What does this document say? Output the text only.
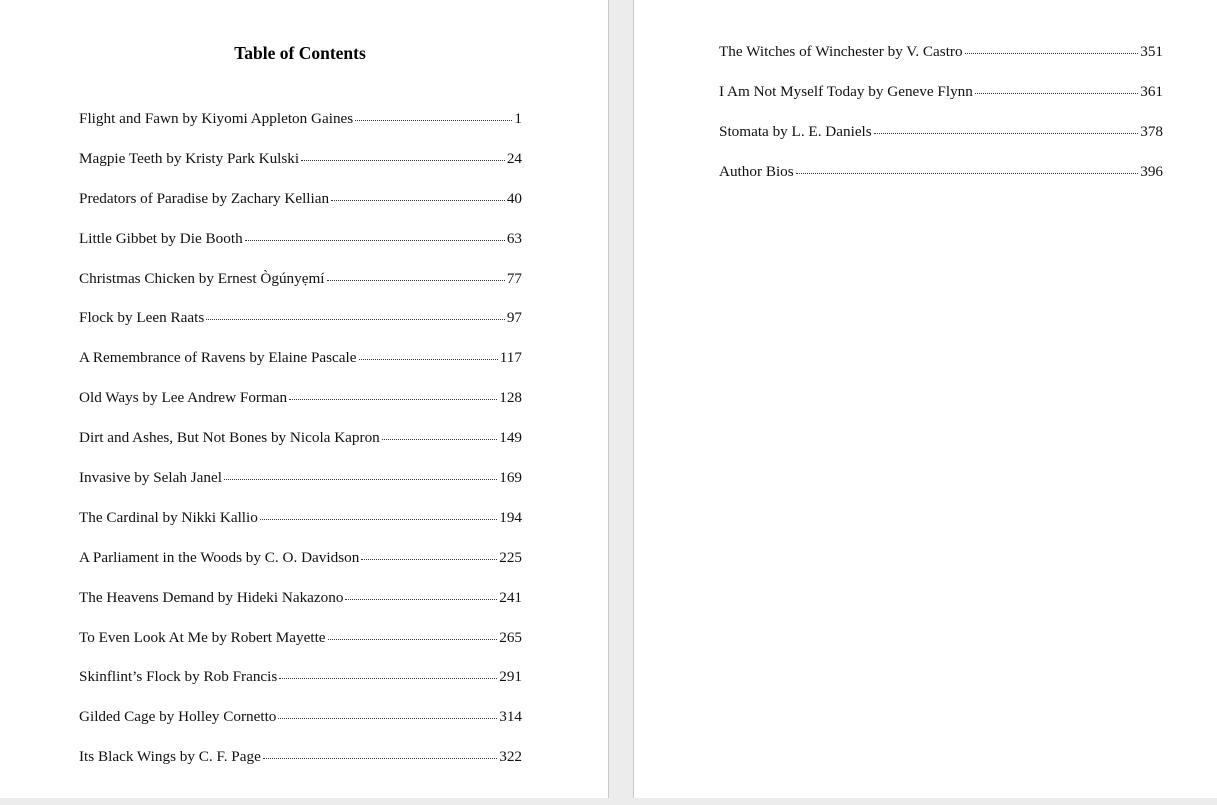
Table of Contents
Flight and Fawn by Kiyomi Appleton Gaines	1
Magpie Teeth by Kristy Park Kulski	24
Predators of Paradise by Zachary Kellian	40
Little Gibbet by Die Booth	63
Christmas Chicken by Ernest Ògúnyẹmí	77
Flock by Leen Raats	97
A Remembrance of Ravens by Elaine Pascale	117
Old Ways by Lee Andrew Forman	128
Dirt and Ashes, But Not Bones by Nicola Kapron	149
Invasive by Selah Janel	169
The Cardinal by Nikki Kallio	194
A Parliament in the Woods by C. O. Davidson	225
The Heavens Demand by Hideki Nakazono	241
To Even Look At Me by Robert Mayette	265
Skinflint’s Flock by Rob Francis	291
Gilded Cage by Holley Cornetto	314
Its Black Wings by C. F. Page	322
The Witches of Winchester by V. Castro	351
I Am Not Myself Today by Geneve Flynn	361
Stomata by L. E. Daniels	378
Author Bios	396
